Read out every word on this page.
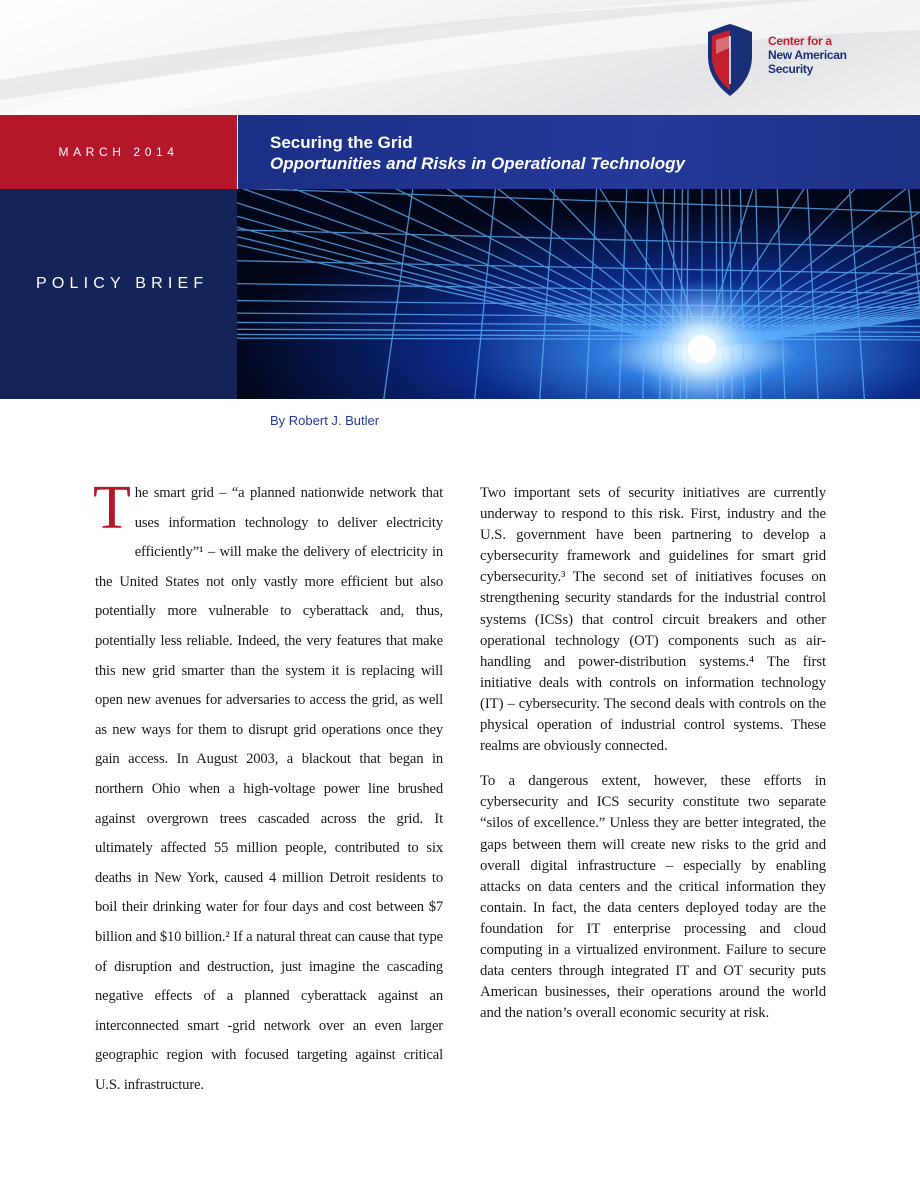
Center for a
New American
Security
MARCH 2014	Securing the Grid
Opportunities and Risks in Operational Technology
POLICY BRIEF
By Robert J. Butler
T he smart grid – “a planned nationwide network that uses information technology to deliver electricity efficiently”¹ – will make the delivery of electricity in the United States not only vastly more efficient but also potentially more vulnerable to cyberattack and, thus, potentially less reliable. Indeed, the very features that make this new grid smarter than the system it is replacing will open new avenues for adversaries to access the grid, as well as new ways for them to disrupt grid operations once they gain access. In August 2003, a blackout that began in northern Ohio when a high-voltage power line brushed against overgrown trees cascaded across the grid. It ultimately affected 55 million people, contributed to six deaths in New York, caused 4 million Detroit residents to boil their drinking water for four days and cost between $7 billion and $10 billion.² If a natural threat can cause that type of disruption and destruction, just imagine the cascading negative effects of a planned cyberattack against an interconnected smart -grid network over an even larger geographic region with focused targeting against critical U.S. infrastructure.

Two important sets of security initiatives are currently underway to respond to this risk. First, industry and the U.S. government have been partnering to develop a cybersecurity framework and guidelines for smart grid cybersecurity.³ The second set of initiatives focuses on strengthening security standards for the industrial control systems (ICSs) that control circuit breakers and other operational technology (OT) components such as air-handling and power-distribution systems.⁴ The first initiative deals with controls on information technology (IT) – cybersecurity. The second deals with controls on the physical operation of industrial control systems. These realms are obviously connected.

To a dangerous extent, however, these efforts in cybersecurity and ICS security constitute two separate “silos of excellence.” Unless they are better integrated, the gaps between them will create new risks to the grid and overall digital infrastructure – especially by enabling attacks on data centers and the critical information they contain. In fact, the data centers deployed today are the foundation for IT enterprise processing and cloud computing in a virtualized environment. Failure to secure data centers through integrated IT and OT security puts American businesses, their operations around the world and the nation’s overall economic security at risk.
